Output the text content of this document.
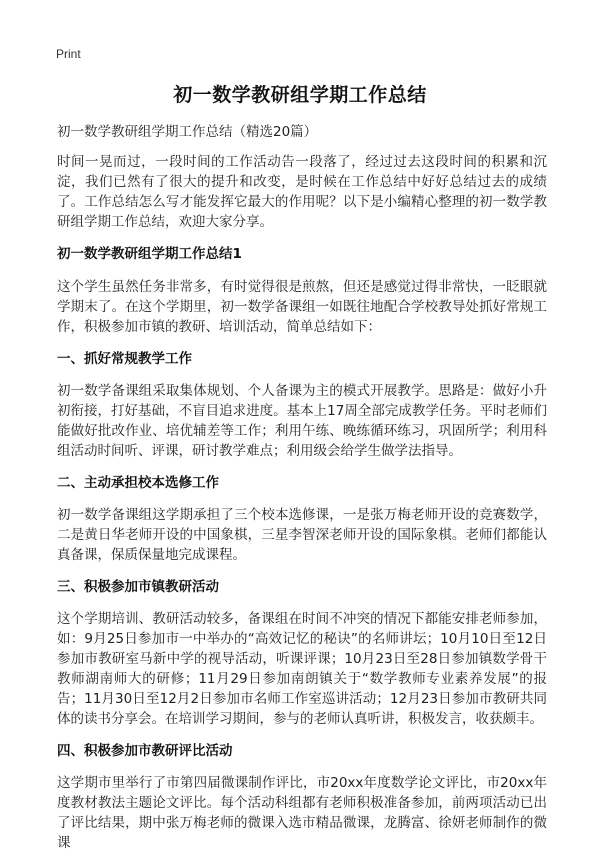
Print
初一数学教研组学期工作总结

初一数学教研组学期工作总结（精选20篇）

时间一晃而过，一段时间的工作活动告一段落了，经过过去这段时间的积累和沉淀，我们已然有了很大的提升和改变，是时候在工作总结中好好总结过去的成绩了。工作总结怎么写才能发挥它最大的作用呢？以下是小编精心整理的初一数学教研组学期工作总结，欢迎大家分享。

初一数学教研组学期工作总结1

这个学生虽然任务非常多，有时觉得很是煎熬，但还是感觉过得非常快，一眨眼就学期末了。在这个学期里，初一数学备课组一如既往地配合学校教导处抓好常规工作，积极参加市镇的教研、培训活动，简单总结如下：

一、抓好常规教学工作

初一数学备课组采取集体规划、个人备课为主的模式开展教学。思路是：做好小升初衔接，打好基础，不盲目追求进度。基本上17周全部完成教学任务。平时老师们能做好批改作业、培优辅差等工作；利用午练、晚练循环练习，巩固所学；利用科组活动时间听、评课，研讨教学难点；利用级会给学生做学法指导。

二、主动承担校本选修工作

初一数学备课组这学期承担了三个校本选修课，一是张万梅老师开设的竞赛数学，二是黄日华老师开设的中国象棋，三星李智深老师开设的国际象棋。老师们都能认真备课，保质保量地完成课程。

三、积极参加市镇教研活动

这个学期培训、教研活动较多，备课组在时间不冲突的情况下都能安排老师参加，如：9月25日参加市一中举办的“高效记忆的秘诀”的名师讲坛；10月10日至12日参加市教研室马新中学的视导活动，听课评课；10月23日至28日参加镇数学骨干教师湖南师大的研修；11月29日参加南朗镇关于“数学教师专业素养发展”的报告；11月30日至12月2日参加市名师工作室巡讲活动；12月23日参加市教研共同体的读书分享会。在培训学习期间，参与的老师认真听讲，积极发言，收获颇丰。

四、积极参加市教研评比活动

这学期市里举行了市第四届微课制作评比，市20xx年度数学论文评比，市20xx年度教材教法主题论文评比。每个活动科组都有老师积极准备参加，前两项活动已出了评比结果，期中张万梅老师的微课入选市精品微课，龙腾富、徐妍老师制作的微课
